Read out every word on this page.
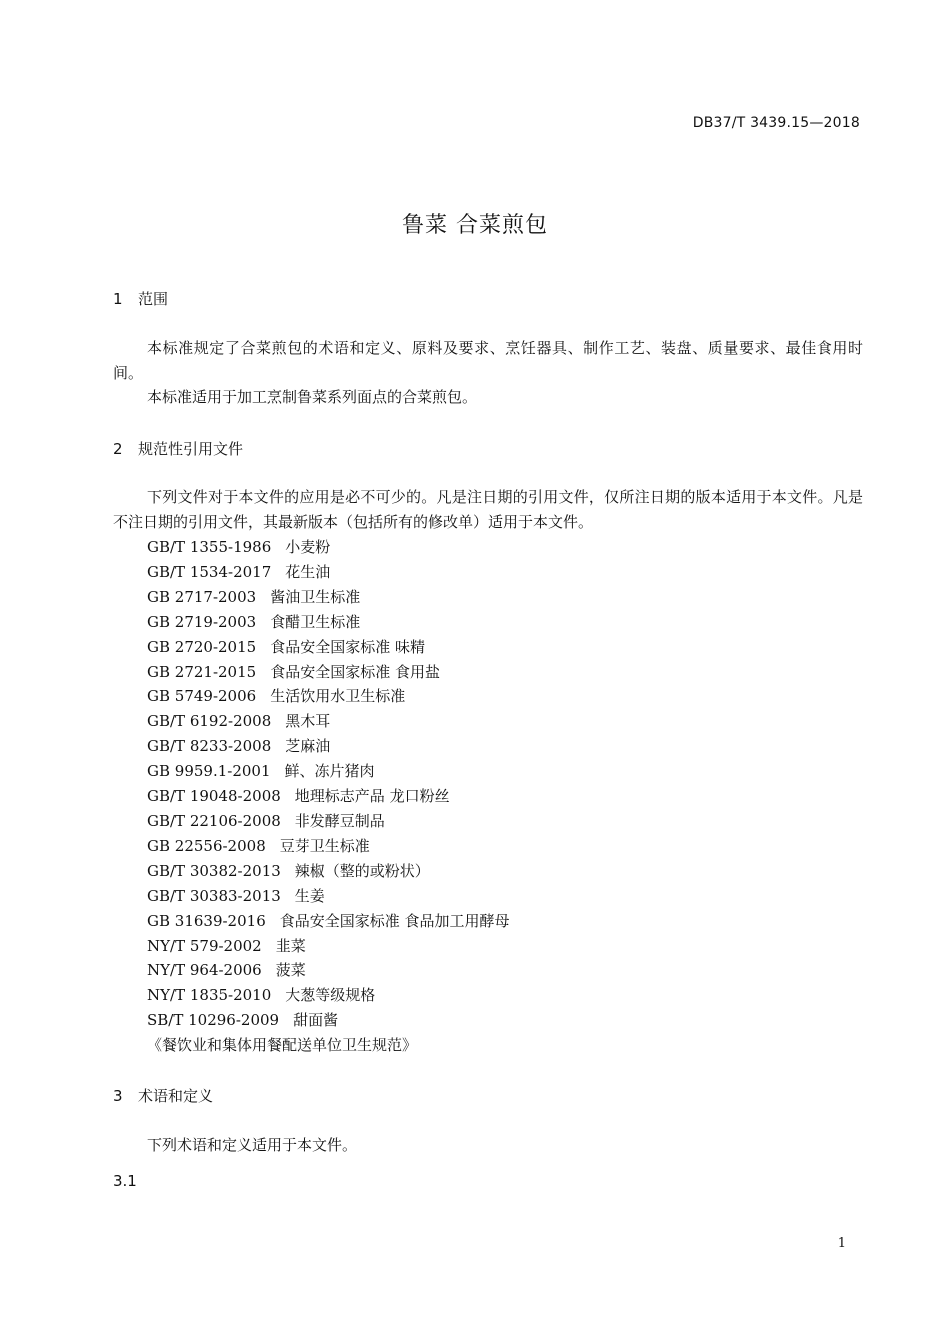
DB37/T 3439.15—2018
鲁菜 合菜煎包
1 范围

本标准规定了合菜煎包的术语和定义、原料及要求、烹饪器具、制作工艺、装盘、质量要求、最佳食用时间。

本标准适用于加工烹制鲁菜系列面点的合菜煎包。

2 规范性引用文件

下列文件对于本文件的应用是必不可少的。凡是注日期的引用文件，仅所注日期的版本适用于本文件。凡是不注日期的引用文件，其最新版本（包括所有的修改单）适用于本文件。

GB/T 1355-1986 小麦粉
GB/T 1534-2017 花生油
GB 2717-2003 酱油卫生标准
GB 2719-2003 食醋卫生标准
GB 2720-2015 食品安全国家标准 味精
GB 2721-2015 食品安全国家标准 食用盐
GB 5749-2006 生活饮用水卫生标准
GB/T 6192-2008 黑木耳
GB/T 8233-2008 芝麻油
GB 9959.1-2001 鲜、冻片猪肉
GB/T 19048-2008 地理标志产品 龙口粉丝
GB/T 22106-2008 非发酵豆制品
GB 22556-2008 豆芽卫生标准
GB/T 30382-2013 辣椒（整的或粉状）
GB/T 30383-2013 生姜
GB 31639-2016 食品安全国家标准 食品加工用酵母
NY/T 579-2002 韭菜
NY/T 964-2006 菠菜
NY/T 1835-2010 大葱等级规格
SB/T 10296-2009 甜面酱
《餐饮业和集体用餐配送单位卫生规范》
3 术语和定义

下列术语和定义适用于本文件。

3.1
1
